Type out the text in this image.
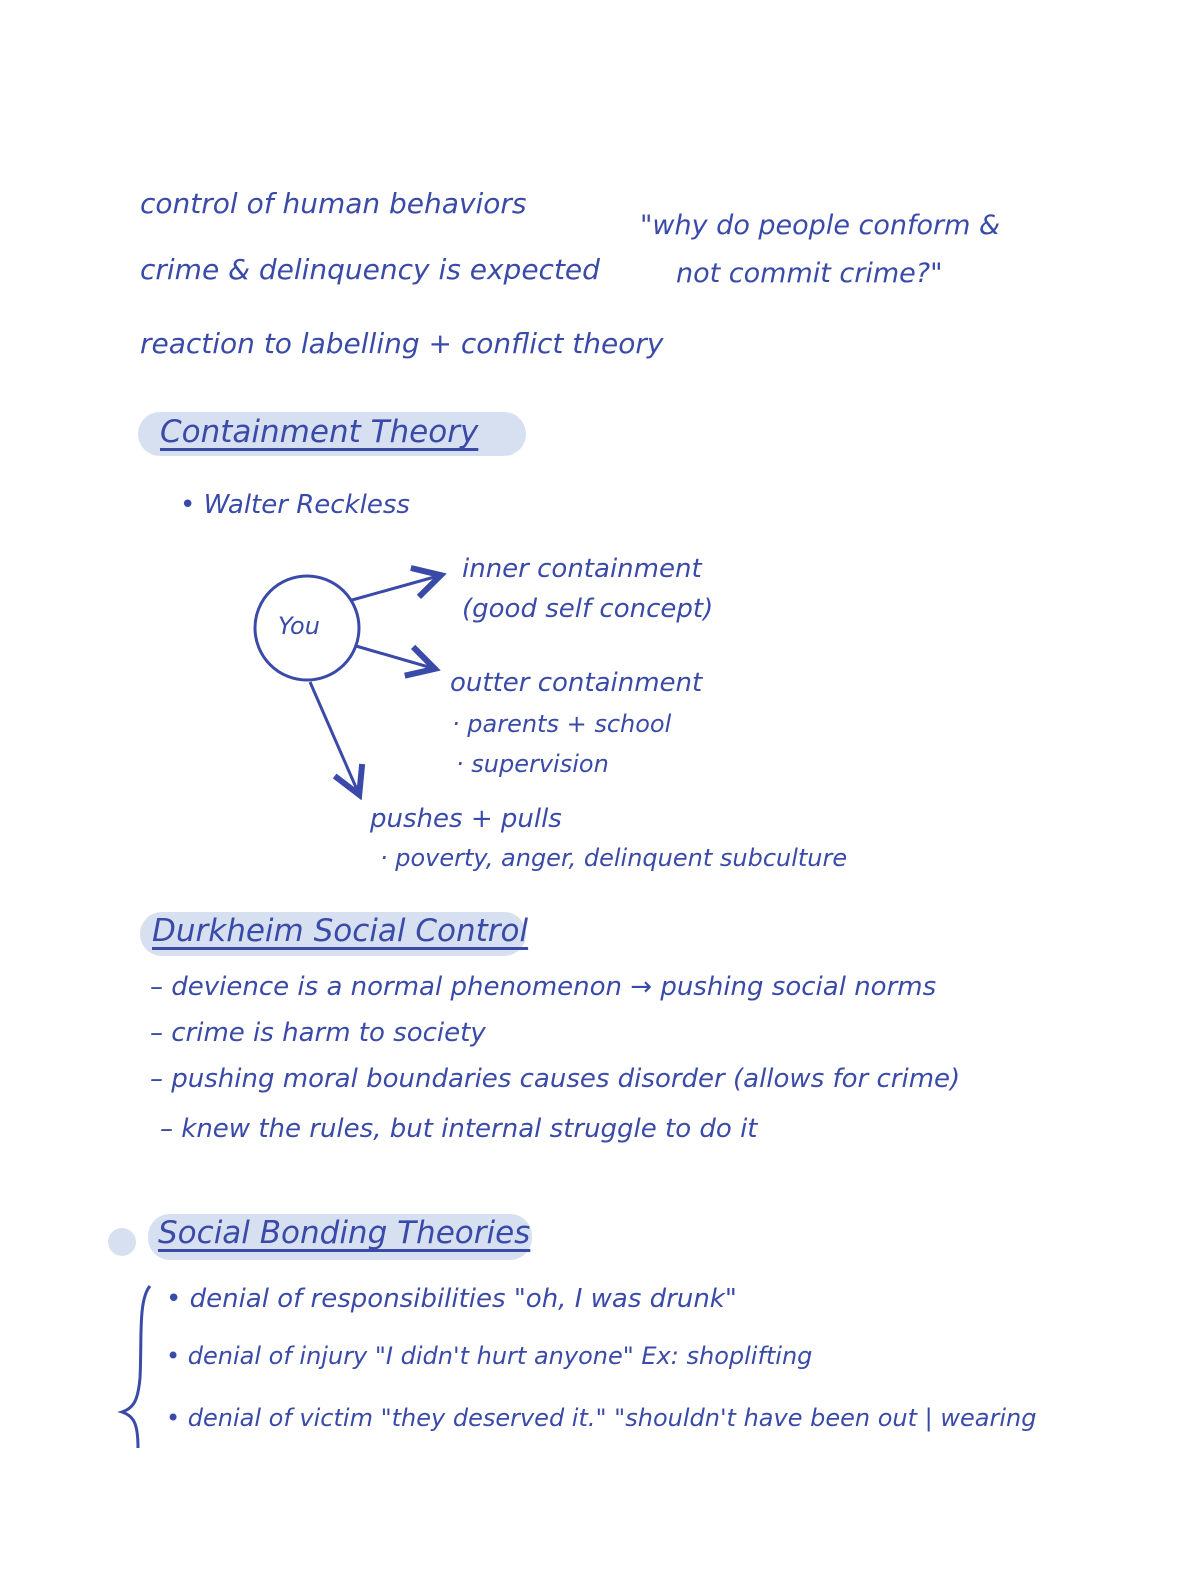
control of human behaviors
crime & delinquency is expected
reaction to labelling + conflict theory
"why do people conform &
not commit crime?"
Containment Theory
• Walter Reckless
You
inner containment
(good self concept)
outter containment
· parents + school
· supervision
pushes + pulls
· poverty, anger, delinquent subculture
Durkheim Social Control
– devience is a normal phenomenon → pushing social norms
– crime is harm to society
– pushing moral boundaries causes disorder (allows for crime)
– knew the rules, but internal struggle to do it
Social Bonding Theories
• denial of responsibilities "oh, I was drunk"
• denial of injury "I didn't hurt anyone" Ex: shoplifting
• denial of victim "they deserved it." "shouldn't have been out | wearing
